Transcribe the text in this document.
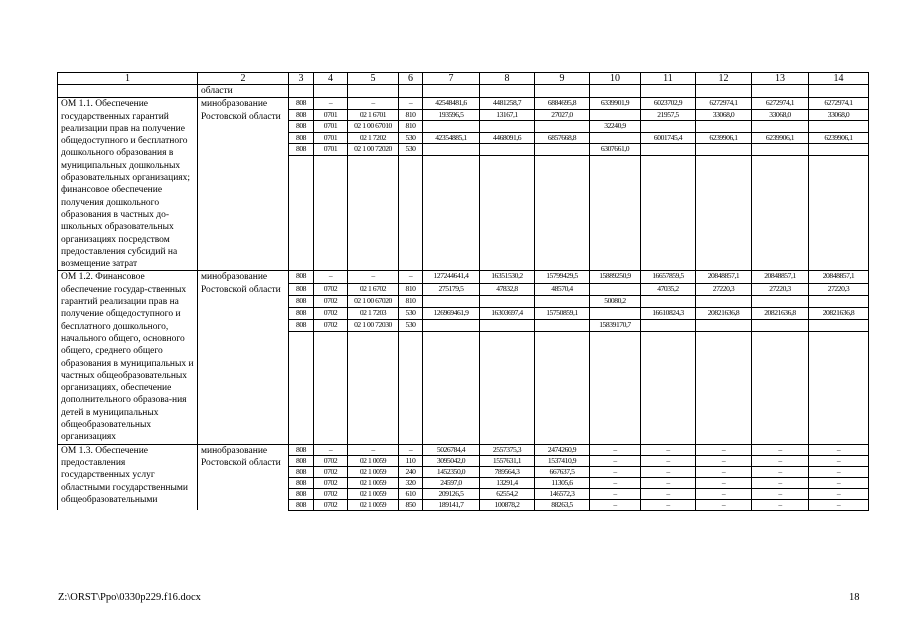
1	2	3	4	5	6	7	8	9	10	11	12	13	14
	области												
ОМ 1.1. Обеспечение государственных гарантий реализации прав на получение общедоступного и бесплатного дошкольного образования в муниципальных дошкольных образовательных организациях; финансовое обеспечение получения дошкольного образования в частных до-школьных образовательных организациях посредством предоставления субсидий на возмещение затрат	минобразование Ростовской области	808	–	–	–	42548481,6	4481258,7	6884695,8	6339901,9	6023702,9	6272974,1	6272974,1	6272974,1
		808	0701	02 1 6701	810	193596,5	13167,1	27027,0		21957,5	33068,0	33068,0	33068,0
		808	0701	02 1 00 67010	810				32240,9				
		808	0701	02 1 7202	530	42354885,1	4468091,6	6857668,8		6001745,4	6239906,1	6239906,1	6239906,1
		808	0701	02 1 00 72020	530				6307661,0				

ОМ 1.2. Финансовое обеспечение государ-ственных гарантий реализации прав на получение общедоступного и бесплатного дошкольного, начального общего, основного общего, среднего общего образования в муниципальных и частных общеобразовательных организациях, обеспечение дополнительного образова-ния детей в муниципальных общеобразовательных организациях	минобразование Ростовской области	808	–	–	–	127244641,4	16351530,2	15799429,5	15889250,9	16657859,5	20848857,1	20848857,1	20848857,1
		808	0702	02 1 6702	810	275179,5	47832,8	48570,4		47035,2	27220,3	27220,3	27220,3
		808	0702	02 1 00 67020	810				50080,2				
		808	0702	02 1 7203	530	126969461,9	16303697,4	15750859,1		16610824,3	20821636,8	20821636,8	20821636,8
		808	0702	02 1 00 72030	530				15839170,7				

ОМ 1.3. Обеспечение предоставления государственных услуг областными государственными общеобразовательными	минобразование Ростовской области	808	–	–	–	5026784,4	2557375,3	2474260,9	–	–	–	–	–
		808	0702	02 1 0059	110	3095042,0	1557631,1	1537410,9	–	–	–	–	–
		808	0702	02 1 0059	240	1452350,0	789564,3	667637,5	–	–	–	–	–
		808	0702	02 1 0059	320	24597,0	13291,4	11305,6	–	–	–	–	–
		808	0702	02 1 0059	610	209126,5	62554,2	146572,3	–	–	–	–	–
		808	0702	02 1 0059	850	189141,7	100878,2	88263,5	–	–	–	–	–
Z:\ORST\Ppo\0330p229.f16.docx	18
